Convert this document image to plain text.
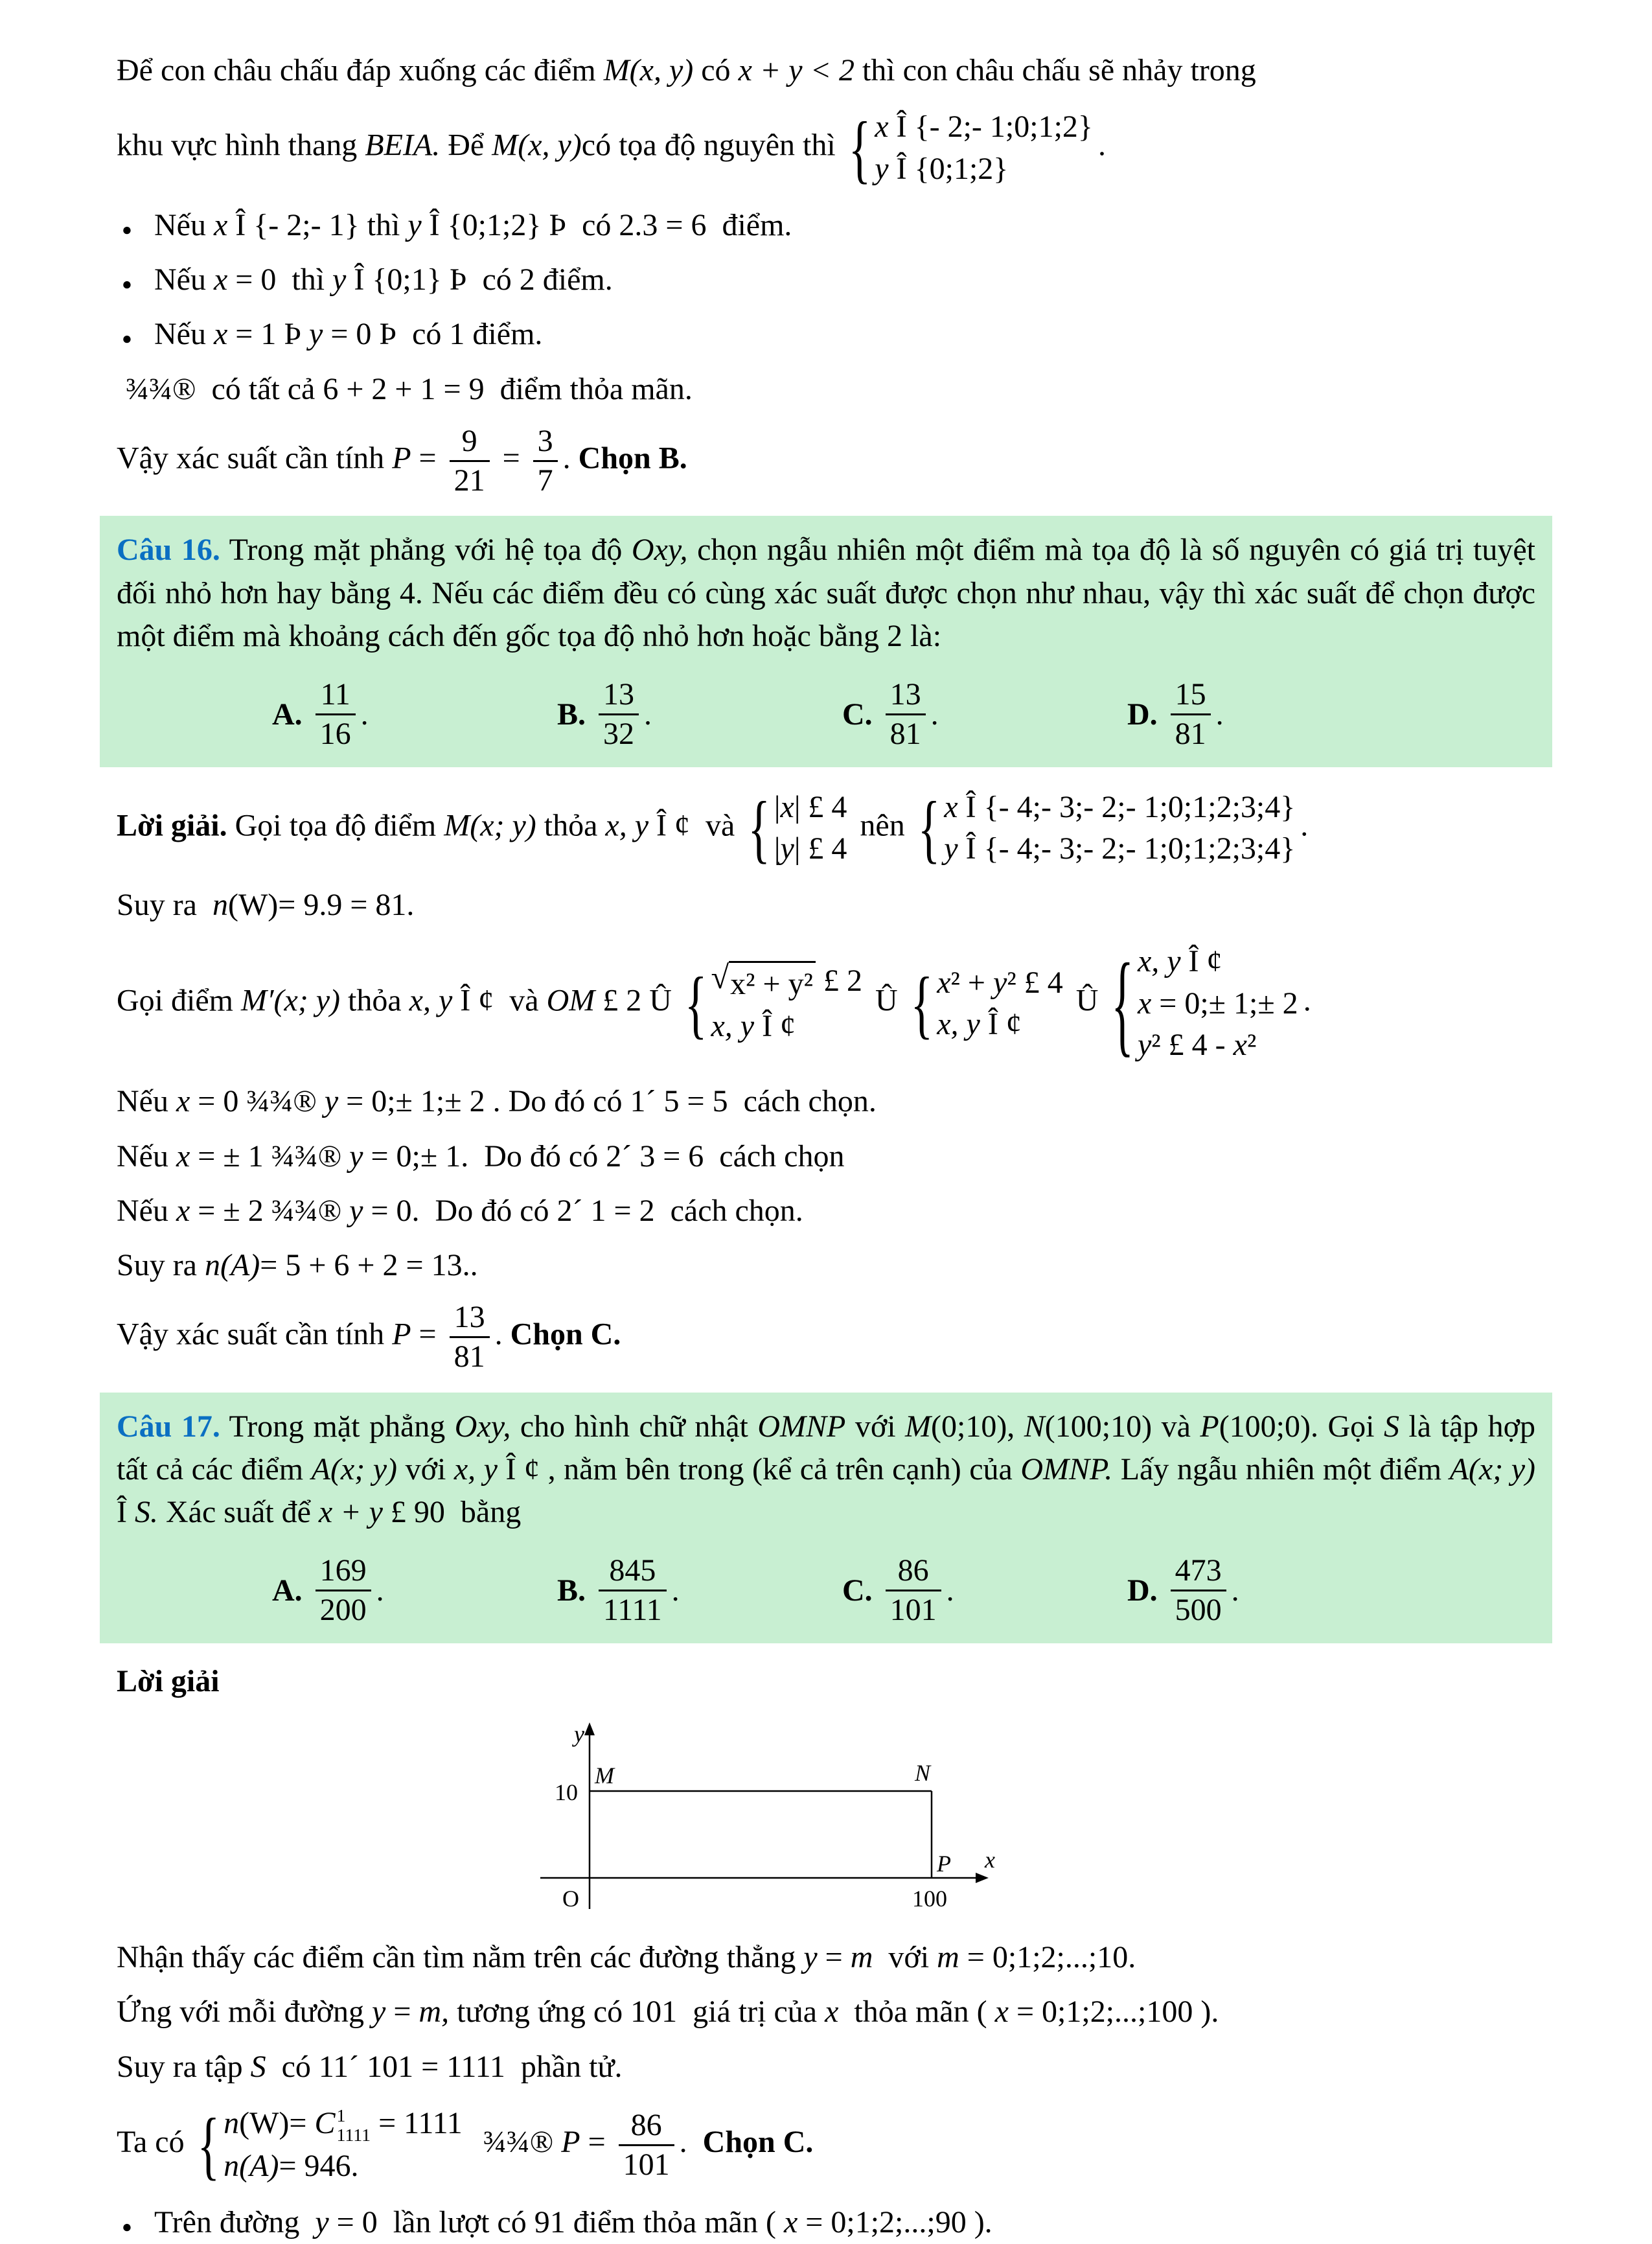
Để con châu chấu đáp xuống các điểm M(x, y) có x + y < 2 thì con châu chấu sẽ nhảy trong

khu vực hình thang BEIA. Để M(x, y)có tọa độ nguyên thì { x Î {- 2;- 1;0;1;2}
y Î {0;1;2}
.

● Nếu x Î {- 2;- 1} thì y Î {0;1;2} Þ  có 2.3 = 6  điểm.
● Nếu x = 0  thì y Î {0;1} Þ  có 2 điểm.
● Nếu x = 1 Þ y = 0 Þ  có 1 điểm.

¾¾®  có tất cả 6 + 2 + 1 = 9  điểm thỏa mãn.

Vậy xác suất cần tính $P = \frac{9}{21} = \frac{3}{7}$ . Chọn B.

Câu 16. Trong mặt phẳng với hệ tọa độ Oxy, chọn ngẫu nhiên một điểm mà tọa độ là số nguyên có giá trị tuyệt đối nhỏ hơn hay bằng 4. Nếu các điểm đều có cùng xác suất được chọn như nhau, vậy thì xác suất để chọn được một điểm mà khoảng cách đến gốc tọa độ nhỏ hơn hoặc bằng 2 là:

A. $\frac{11}{16}$ .	B. $\frac{13}{32}$ .	C. $\frac{13}{81}$ .	D. $\frac{15}{81}$ .

Lời giải. Gọi tọa độ điểm M(x; y) thỏa x, y Î ¢  và { |x| £ 4
|y| £ 4
nên { x Î {- 4;- 3;- 2;- 1;0;1;2;3;4}
y Î {- 4;- 3;- 2;- 1;0;1;2;3;4}
.

Suy ra  n(W)= 9.9 = 81.

Gọi điểm M′(x; y) thỏa x, y Î ¢  và OM £ 2 Û { √ x² + y² £ 2
x, y Î ¢
Û { x² + y² £ 4
x, y Î ¢
Û { x, y Î ¢
x = 0;± 1;± 2
y² £ 4 - x²
.

Nếu x = 0 ¾¾® y = 0;± 1;± 2 . Do đó có 1´ 5 = 5  cách chọn.

Nếu x = ± 1 ¾¾® y = 0;± 1.  Do đó có 2´ 3 = 6  cách chọn

Nếu x = ± 2 ¾¾® y = 0.  Do đó có 2´ 1 = 2  cách chọn.

Suy ra n(A)= 5 + 6 + 2 = 13..

Vậy xác suất cần tính $P = \frac{13}{81}$ . Chọn C.

Câu 17. Trong mặt phẳng Oxy, cho hình chữ nhật OMNP với M(0;10), N(100;10) và P(100;0). Gọi S là tập hợp tất cả các điểm A(x; y) với x, y Î ¢ , nằm bên trong (kể cả trên cạnh) của OMNP. Lấy ngẫu nhiên một điểm A(x; y) Î S. Xác suất để x + y £ 90  bằng

A. $\frac{169}{200}$ .	B. $\frac{845}{1111}$ .	C. $\frac{86}{101}$ .	D. $\frac{473}{500}$ .

Lời giải

y
x
O
10
M	N
P
100

Nhận thấy các điểm cần tìm nằm trên các đường thẳng y = m  với m = 0;1;2;...;10.

Ứng với mỗi đường y = m, tương ứng có 101  giá trị của x  thỏa mãn ( x = 0;1;2;...;100 ).

Suy ra tập S  có 11´ 101 = 1111  phần tử.

Ta có { n(W)= C 1
1111 = 1111
n(A)= 946.
¾¾® $P = \frac{86}{101}$ .  Chọn C.

● Trên đường  y = 0  lần lượt có 91 điểm thỏa mãn ( x = 0;1;2;...;90 ).
